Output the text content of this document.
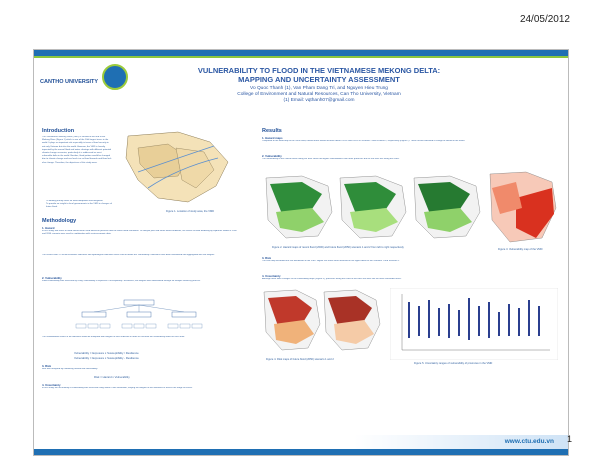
24/05/2012
CANTHO UNIVERSITY
VULNERABILITY TO FLOOD IN THE VIETNAMESE MEKONG DELTA:
MAPPING AND UNCERTAINTY ASSESSMENT
Vo Quoc Thanh (1), Van Pham Dang Tri, and Nguyen Hieu Trung
College of Environment and Natural Resources, Can Tho University, Vietnam
(1) Email: vqthanh07@gmail.com
Introduction
The Vietnamese Mekong Delta (VMD) is located at the end of the Mekong River (Figure 1) which is one of the 10th largest rivers in the world. It plays an important role especially in terms of food security in not only Vietnam but also the world. However, the VMD is heavily impacted by the annual flood and water shortage with different potential climate change scenarios; particularly it is addressed as most vulnerable delta in the world. Besides, flood pattern would be changed due to climate change and sea level rise so flood hazards and flood risk also change. Therefore, the objectives of this study were:
To identify priority areas for flood adaptation and mitigation.
To provide an insight to local governments in the VMD in changes of future flood.
Figure 1. Location of study area, the VMD
Methodology
1. Hazard
In this study, two levels of flood hazard were used based on previous and the future flood simulation. To analyze past and future flood conditions, the results of flood modeling by Hydraulic Model in 2000 and 2050 scenario were used in combination with socio-economic data.
The results from 12 social-economic indicators and hydrological indicators were used to define the Vulnerability. Indicators have been normalized and aggregated with the weights.
2. Vulnerability
Flood vulnerability was assessed by using Vulnerability = Exposure x Susceptibility / Resilience; the weights were determined through an analytic hierarchy process.
The standardized values of all indicators would be multiplied with weights of each indicator in order to calculate the vulnerability index for each area.
Vulnerability = Exposure x Susceptibility / Resilience
Vulnerability = Exposure x Susceptibility - Resilience
3. Risk
Risk was analyzed by combining hazard and vulnerability.
Risk = Hazard x Vulnerability
4. Uncertainty
In this study, the uncertainty of vulnerability was assessed using Monte Carlo simulation, varying the weights of the indicators to assess the range of results.
Results
1. Hazard maps
Compared to the flood map of the 2000 flood, hazard areas would increase about 5.63% and 0.85% in scenario 1 and scenario 2, respectively (Figure 2). These results indicated a change of hazard in the future.
2. Vulnerability
The vulnerability of the coastal areas along the East coast had higher vulnerabilities than other provinces due to sea level rise along the coast.
Figure 2. Hazard maps of recent flood (2000) and future flood (2050) scenario 1 and 2 from left to right respectively
Figure 3. Vulnerability map of the VMD
3. Risk
The Risk map illustrated the risk distribution in the VMD. Higher risk areas were observed in the upper delta for the Scenario 1 and Scenario 2.
4. Uncertainty
Although there were changes of the vulnerability maps (Figure 5), provinces along the coast of the East sea were still the most vulnerable areas.
Figure 4. Risk maps of future flood (2050) scenario 1 and 2
Figure 5. Uncertainty ranges of vulnerability of provinces in the VMD
www.ctu.edu.vn 1
